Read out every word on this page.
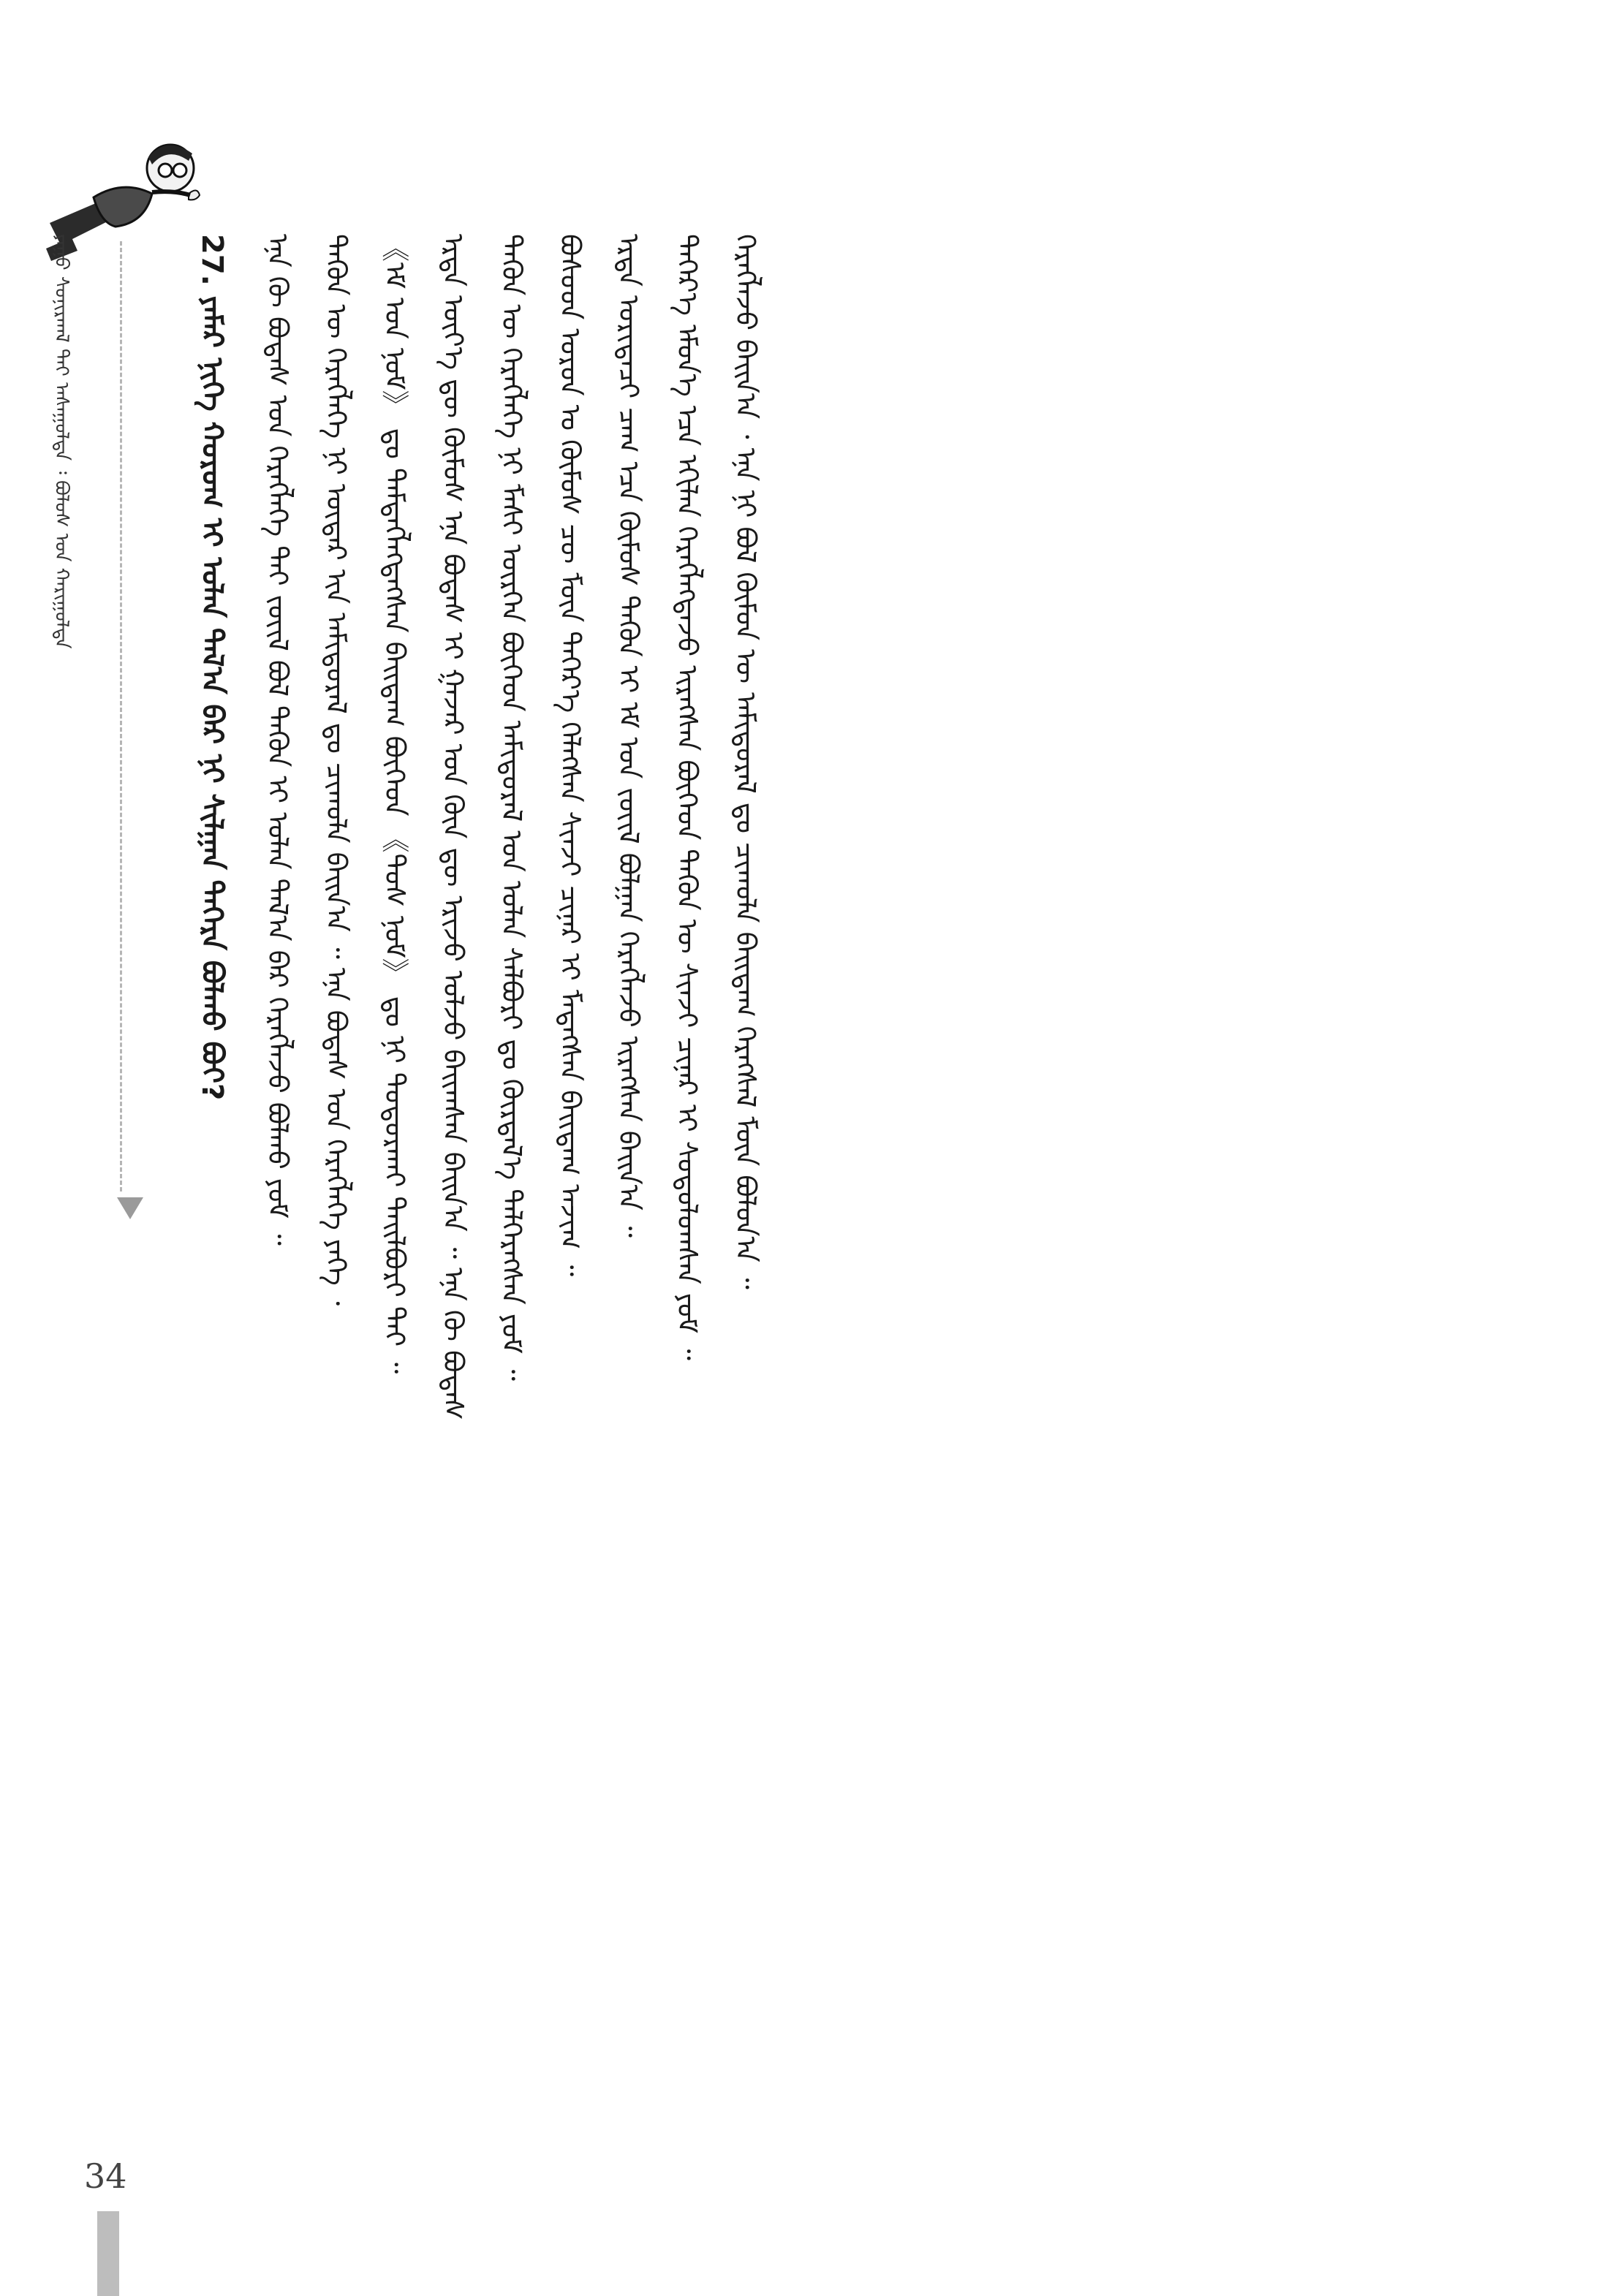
ᠶᠠᠭᠤ ᠰᠣᠨᠢᠷᠬᠠᠯ ᠲᠠᠢ ᠠᠰᠠᠭᠤᠯᠲᠠ ᠄ ᠪᠣᠯᠣᠰ ᠤᠨ ᠬᠠᠷᠢᠭᠤᠯᠲᠠ	27. ᠶᠠᠮᠠᠷ ᠨᠢᠭᠡ ᠬᠣᠷᠣᠭ ᠢ ᠣᠯᠠᠨ ᠲᠠᠯ᠎ᠠ ᠪᠠᠷ ᠨᠢ ᠰᠢᠯᠭᠠᠨ ᠳᠡᠭᠡᠷᠡ ᠪᠣᠯᠬᠤ ᠪᠤᠢ?	ᠡᠨᠡ ᠬᠦ ᠪᠣᠳᠠᠰ ᠤᠨ ᠬᠡᠷᠡᠭᠯᠡᠭᠡ ᠲᠠᠢ ᠵᠦᠢᠯ ᠪᠣᠯ ᠲᠡᠭᠦᠨ ᠢ ᠣᠯᠠᠨ ᠲᠠᠯ᠎ᠠ ᠪᠠᠷ ᠬᠡᠷᠡᠭᠯᠡᠵᠦ ᠪᠣᠯᠬᠤ ᠶᠤᠮ ᠃ ᠲᠡᠭᠦᠨ ᠦ ᠬᠡᠷᠡᠭᠯᠡᠭᠡ ᠨᠢ ᠥᠳᠡᠷ ᠢᠨ ᠠᠮᠢᠳᠤᠷᠠᠯ ᠳᠤ ᠴᠢᠬᠤᠯᠠ ᠪᠠᠢᠨ᠎ᠠ ᠃ ᠡᠨᠡ ᠪᠣᠳᠠᠰ ᠤᠨ ᠬᠡᠷᠡᠭᠯᠡᠭᠡ ᠶᠡᠬᠡ ᠂ 《ᠡᠮ ᠤᠨ ᠨᠣᠮ》 ᠳᠤ ᠲᠡᠮᠳᠡᠭᠯᠡᠭᠳᠡᠭᠰᠡᠨ ᠪᠠᠢᠳᠠᠭ ᠪᠥᠭᠡᠳ 《ᠲᠤᠰ ᠨᠣᠮ》 ᠳᠤ ᠨᠢ ᠲᠣᠳᠤᠷᠬᠠᠢ ᠲᠠᠢᠯᠪᠤᠷᠢ ᠲᠠᠢ ᠃ ᠡᠷᠲᠡ ᠦᠶ᠎ᠡ ᠳᠦ ᠬᠦᠮᠦᠰ ᠡᠨᠡ ᠪᠣᠳᠠᠰ ᠢ ᠭᠠᠵᠠᠷ ᠤᠨ ᠭᠦᠨ ᠳᠦ ᠡᠷᠢᠵᠦ ᠣᠯᠵᠤ ᠪᠠᠢᠭᠰᠠᠨ ᠪᠠᠢᠨ᠎ᠠ ᠃ ᠡᠨᠡ ᠬᠦ ᠪᠣᠳᠠᠰ ᠲᠡᠭᠦᠨ ᠦ ᠬᠡᠷᠡᠭᠯᠡᠭᠡ ᠨᠢ ᠮᠠᠰᠢ ᠥᠷᠭᠡᠨ ᠪᠥᠭᠡᠳ ᠠᠮᠢᠳᠤᠷᠠᠯ ᠤᠨ ᠣᠯᠠᠨ ᠰᠠᠯᠪᠤᠷᠢ ᠳᠤ ᠬᠦᠷᠲᠡᠯ᠎ᠡ ᠳᠡᠯᠭᠡᠷᠡᠭᠰᠡᠨ ᠶᠤᠮ ᠃ ᠪᠤᠰᠤᠳ ᠣᠷᠣᠨ ᠤ ᠬᠦᠮᠦᠰ ᠴᠦ ᠮᠥᠨ ᠳᠡᠭᠡᠷ᠎ᠡ ᠬᠡᠯᠡᠭᠰᠡᠨ ᠰᠢᠨᠵᠢ ᠴᠢᠨᠠᠷ ᠢ ᠮᠡᠳᠡᠭᠰᠡᠨ ᠪᠠᠢᠳᠠᠭ ᠠᠵᠢᠭ ᠃ ᠡᠷᠲᠡ ᠤᠷᠢᠳᠠᠴᠢ ᠴᠠᠭ ᠡᠴᠡ ᠬᠦᠮᠦᠰ ᠲᠡᠭᠦᠨ ᠢ ᠡᠮ ᠤᠨ ᠵᠦᠢᠯ ᠪᠣᠯᠭᠠᠨ ᠬᠡᠷᠡᠭᠯᠡᠵᠦ ᠢᠷᠡᠭᠰᠡᠨ ᠪᠠᠢᠨ᠎ᠠ ᠃ ᠳᠡᠭᠡᠷ᠎ᠡ ᠡᠮᠦᠨ᠎ᠡ ᠡᠴᠡ ᠡᠬᠢᠯᠡᠨ ᠬᠡᠷᠡᠭᠯᠡᠭᠳᠡᠵᠦ ᠢᠷᠡᠭᠰᠡᠨ ᠪᠥᠭᠡᠳ ᠲᠡᠭᠦᠨ ᠦ ᠰᠢᠨᠵᠢ ᠴᠢᠨᠠᠷ ᠢ ᠰᠣᠳᠤᠯᠤᠭᠰᠠᠨ ᠶᠤᠮ ᠃ ᠬᠡᠷᠡᠭᠯᠡᠵᠦ ᠪᠠᠢᠨ᠎ᠠ ᠂ ᠡᠨᠡ ᠨᠢ ᠪᠣᠯ ᠬᠦᠮᠦᠨ ᠦ ᠠᠮᠢᠳᠤᠷᠠᠯ ᠳᠤ ᠴᠢᠬᠤᠯᠠ ᠪᠠᠢᠳᠠᠭ ᠬᠡᠷᠡᠭᠰᠡᠯ ᠮᠥᠨ ᠪᠣᠯᠤᠨ᠎ᠠ ᠃
34
